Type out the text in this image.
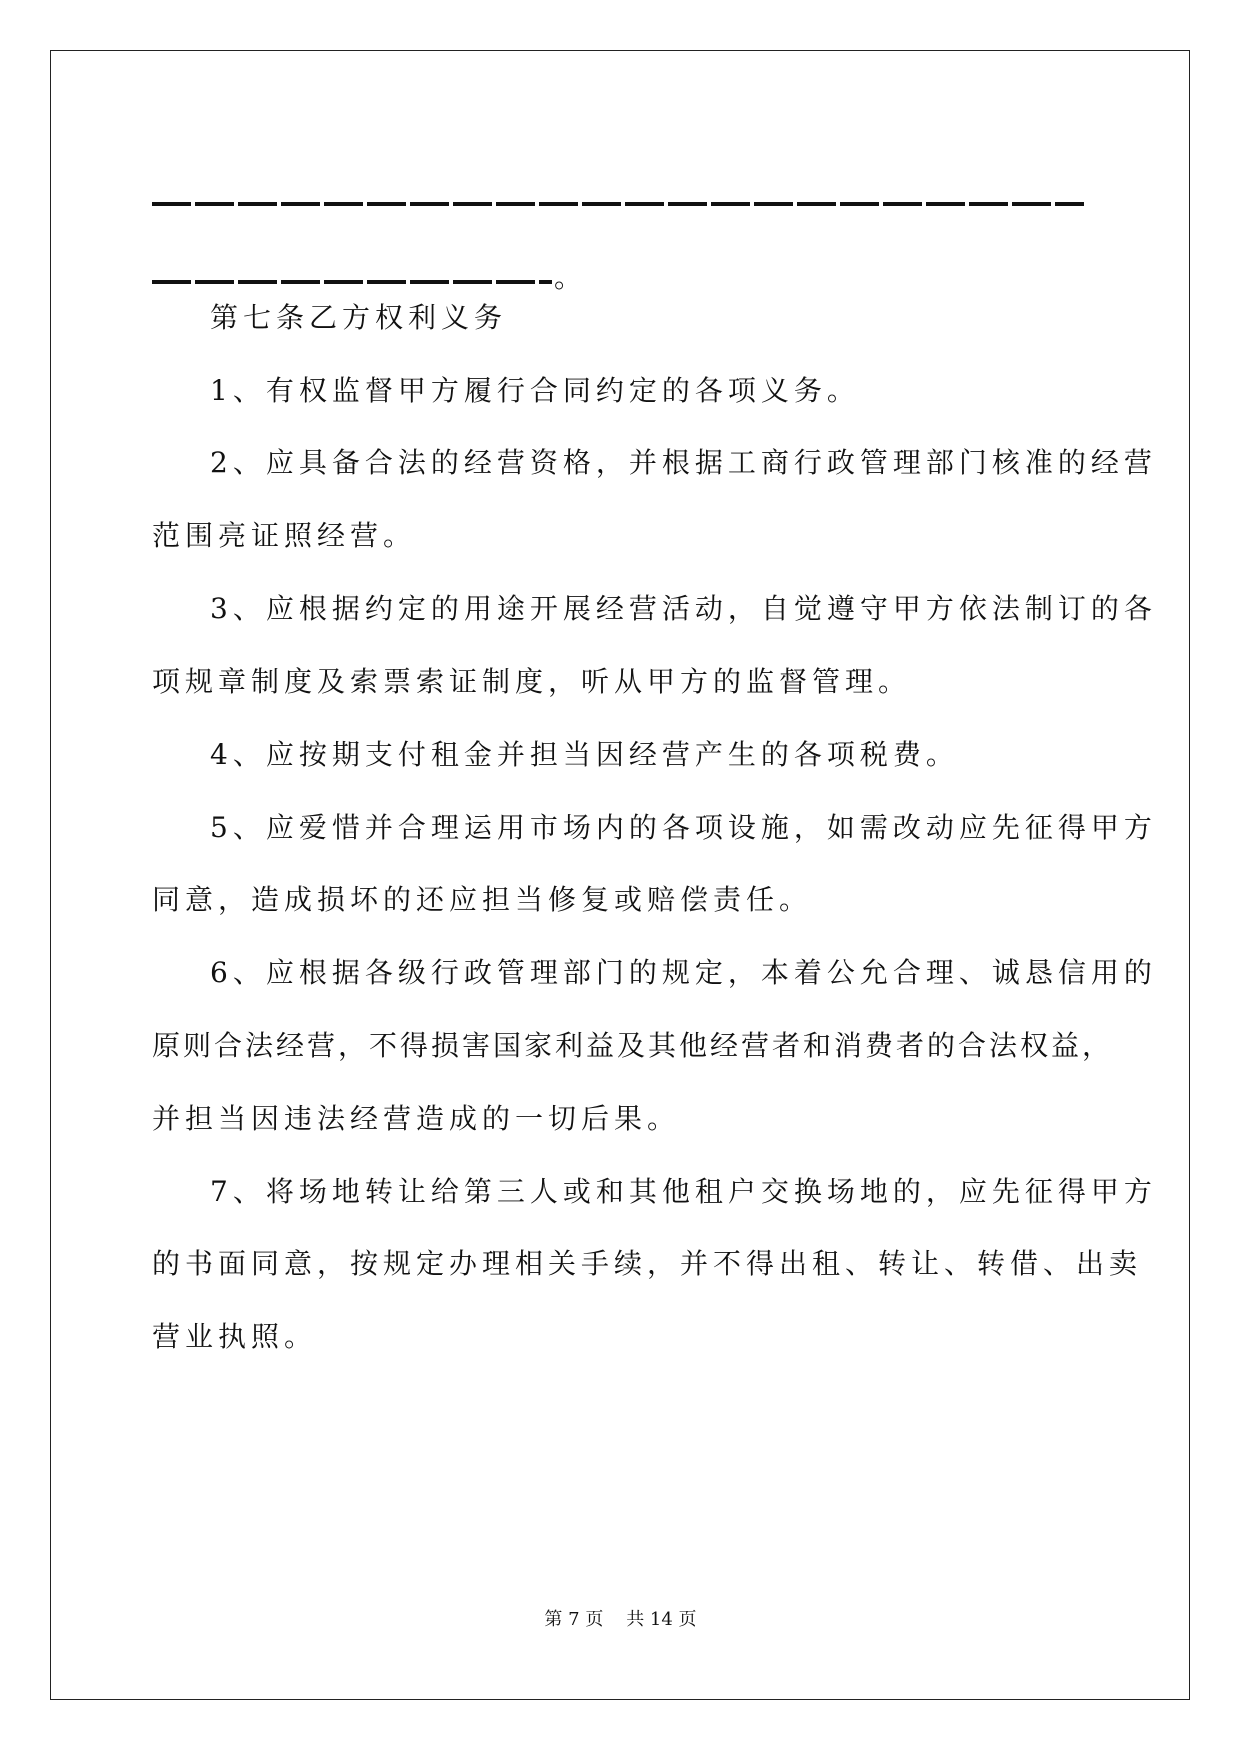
。
第七条乙方权利义务
1、有权监督甲方履行合同约定的各项义务。
2、应具备合法的经营资格，并根据工商行政管理部门核准的经营
范围亮证照经营。
3、应根据约定的用途开展经营活动，自觉遵守甲方依法制订的各
项规章制度及索票索证制度，听从甲方的监督管理。
4、应按期支付租金并担当因经营产生的各项税费。
5、应爱惜并合理运用市场内的各项设施，如需改动应先征得甲方
同意，造成损坏的还应担当修复或赔偿责任。
6、应根据各级行政管理部门的规定，本着公允合理、诚恳信用的
原则合法经营，不得损害国家利益及其他经营者和消费者的合法权益，
并担当因违法经营造成的一切后果。
7、将场地转让给第三人或和其他租户交换场地的，应先征得甲方
的书面同意，按规定办理相关手续，并不得出租、转让、转借、出卖
营业执照。
第 7 页    共 14 页
